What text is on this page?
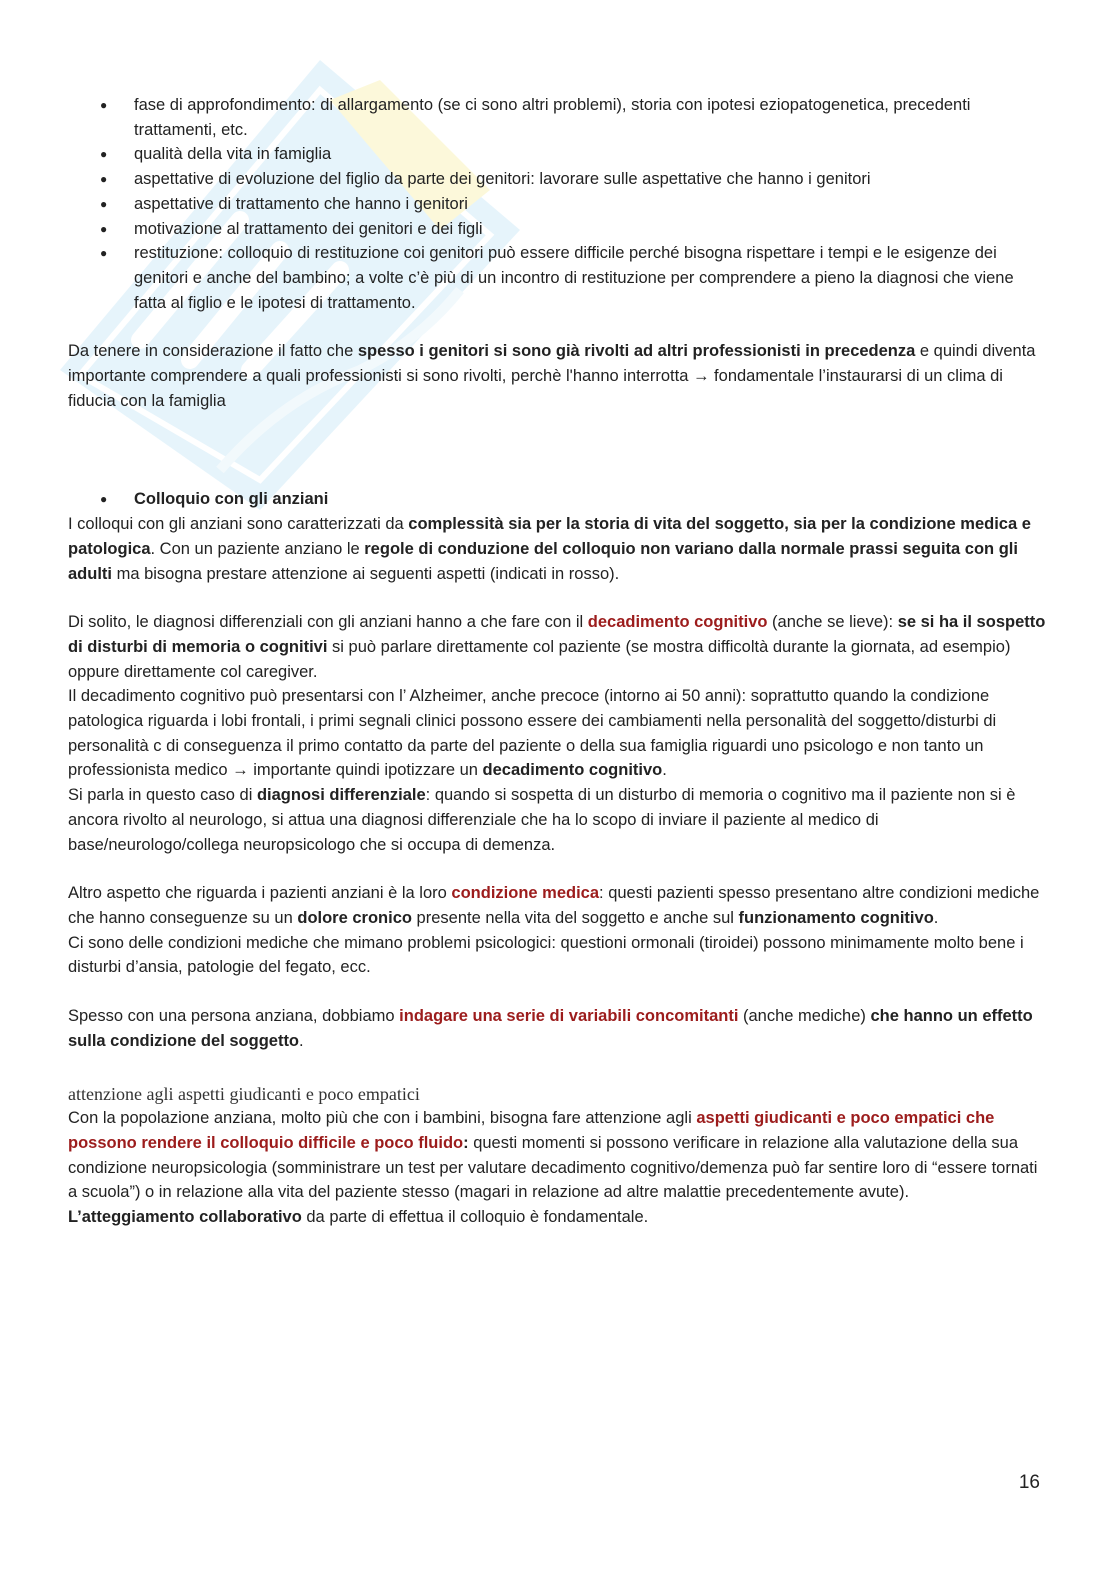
● fase di approfondimento: di allargamento (se ci sono altri problemi), storia con ipotesi eziopatogenetica, precedenti trattamenti, etc.
● qualità della vita in famiglia
● aspettative di evoluzione del figlio da parte dei genitori: lavorare sulle aspettative che hanno i genitori
● aspettative di trattamento che hanno i genitori
● motivazione al trattamento dei genitori e dei figli
● restituzione: colloquio di restituzione coi genitori può essere difficile perché bisogna rispettare i tempi e le esigenze dei genitori e anche del bambino; a volte c’è più di un incontro di restituzione per comprendere a pieno la diagnosi che viene fatta al figlio e le ipotesi di trattamento.

Da tenere in considerazione il fatto che spesso i genitori si sono già rivolti ad altri professionisti in precedenza e quindi diventa importante comprendere a quali professionisti si sono rivolti, perchè l'hanno interrotta → fondamentale l’instaurarsi di un clima di fiducia con la famiglia

● Colloquio con gli anziani

I colloqui con gli anziani sono caratterizzati da complessità sia per la storia di vita del soggetto, sia per la condizione medica e patologica. Con un paziente anziano le regole di conduzione del colloquio non variano dalla normale prassi seguita con gli adulti ma bisogna prestare attenzione ai seguenti aspetti (indicati in rosso).

Di solito, le diagnosi differenziali con gli anziani hanno a che fare con il decadimento cognitivo (anche se lieve): se si ha il sospetto di disturbi di memoria o cognitivi si può parlare direttamente col paziente (se mostra difficoltà durante la giornata, ad esempio) oppure direttamente col caregiver.

Il decadimento cognitivo può presentarsi con l’ Alzheimer, anche precoce (intorno ai 50 anni): soprattutto quando la condizione patologica riguarda i lobi frontali, i primi segnali clinici possono essere dei cambiamenti nella personalità del soggetto/disturbi di personalità c di conseguenza il primo contatto da parte del paziente o della sua famiglia riguardi uno psicologo e non tanto un professionista medico → importante quindi ipotizzare un decadimento cognitivo.

Si parla in questo caso di diagnosi differenziale: quando si sospetta di un disturbo di memoria o cognitivo ma il paziente non si è ancora rivolto al neurologo, si attua una diagnosi differenziale che ha lo scopo di inviare il paziente al medico di base/neurologo/collega neuropsicologo che si occupa di demenza.

Altro aspetto che riguarda i pazienti anziani è la loro condizione medica: questi pazienti spesso presentano altre condizioni mediche che hanno conseguenze su un dolore cronico presente nella vita del soggetto e anche sul funzionamento cognitivo.

Ci sono delle condizioni mediche che mimano problemi psicologici: questioni ormonali (tiroidei) possono minimamente molto bene i disturbi d’ansia, patologie del fegato, ecc.

Spesso con una persona anziana, dobbiamo indagare una serie di variabili concomitanti (anche mediche) che hanno un effetto sulla condizione del soggetto.

attenzione agli aspetti giudicanti e poco empatici

Con la popolazione anziana, molto più che con i bambini, bisogna fare attenzione agli aspetti giudicanti e poco empatici che possono rendere il colloquio difficile e poco fluido: questi momenti si possono verificare in relazione alla valutazione della sua condizione neuropsicologia (somministrare un test per valutare decadimento cognitivo/demenza può far sentire loro di “essere tornati a scuola”) o in relazione alla vita del paziente stesso (magari in relazione ad altre malattie precedentemente avute).

L’atteggiamento collaborativo da parte di effettua il colloquio è fondamentale.

16
